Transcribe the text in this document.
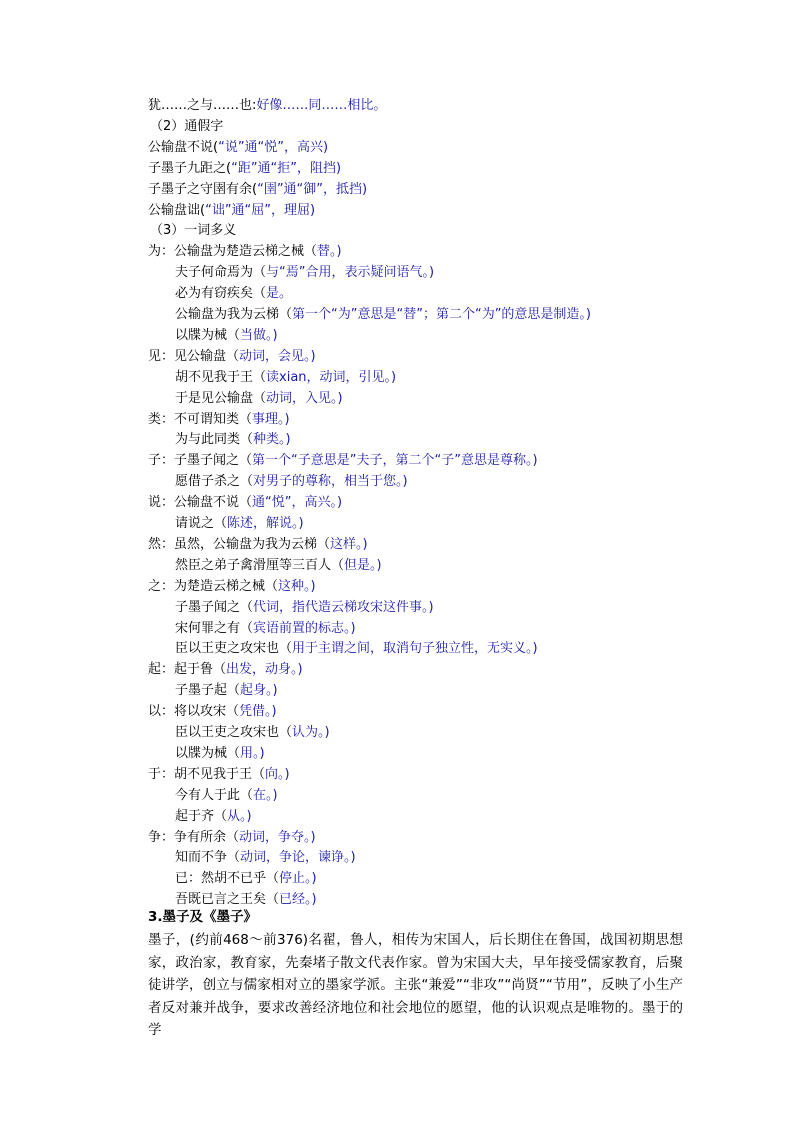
犹……之与……也:好像……同……相比。
（2）通假字
公输盘不说(“说”通“悦”，高兴)
子墨子九距之(“距”通“拒”，阻挡)
子墨子之守圉有余(“圉”通“御”，抵挡)
公输盘诎(“诎”通“屈”，理屈)
（3）一词多义
为：公输盘为楚造云梯之械（替。)
夫子何命焉为（与“焉”合用，表示疑问语气。)
必为有窃疾矣（是。
公输盘为我为云梯（第一个“为”意思是“替”；第二个“为”的意思是制造。)
以牒为械（当做。)
见：见公输盘（动词，会见。)
胡不见我于王（读xian，动词，引见。)
于是见公输盘（动词，入见。)
类：不可谓知类（事理。)
为与此同类（种类。)
子：子墨子闻之（第一个“子意思是”夫子，第二个“子”意思是尊称。)
愿借子杀之（对男子的尊称，相当于您。)
说：公输盘不说（通“悦”，高兴。)
请说之（陈述，解说。)
然：虽然，公输盘为我为云梯（这样。)
然臣之弟子禽滑厘等三百人（但是。)
之：为楚造云梯之械（这种。)
子墨子闻之（代词，指代造云梯攻宋这件事。)
宋何罪之有（宾语前置的标志。)
臣以王吏之攻宋也（用于主谓之间，取消句子独立性，无实义。)
起：起于鲁（出发，动身。)
子墨子起（起身。)
以：将以攻宋（凭借。)
臣以王吏之攻宋也（认为。)
以牒为械（用。)
于：胡不见我于王（向。)
今有人于此（在。)
起于齐（从。)
争：争有所余（动词，争夺。)
知而不争（动词，争论，谏诤。)
已：然胡不已乎（停止。)
吾既已言之王矣（已经。)
3.墨子及《墨子》
墨子，(约前468～前376)名翟，鲁人，相传为宋国人，后长期住在鲁国，战国初期思想家，政治家，教育家，先秦堵子散文代表作家。曾为宋国大夫，早年接受儒家教育，后聚徒讲学，创立与儒家相对立的墨家学派。主张“兼爱”“非攻”“尚贤”“节用”，反映了小生产者反对兼并战争，要求改善经济地位和社会地位的愿望，他的认识观点是唯物的。墨于的学
